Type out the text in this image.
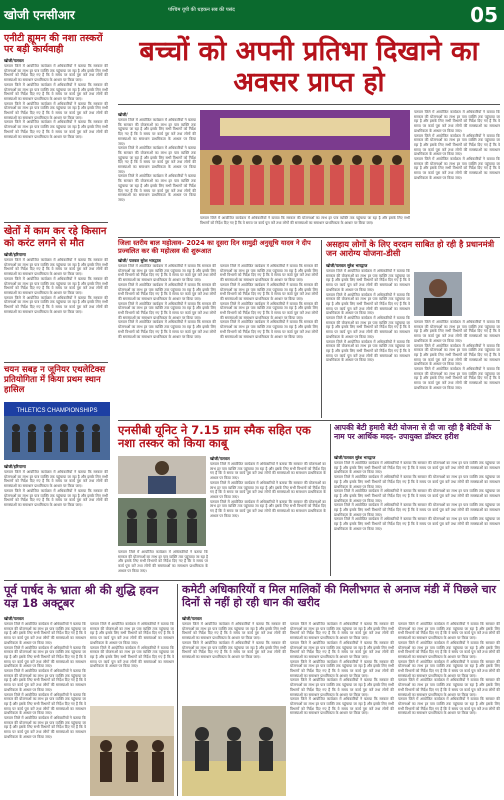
खोजी एनसीआर	पश्चिम यूपी की धड़कन सब की पसंद	05
एनीटी ह्यूमन की नशा तस्करों पर बड़ी कार्यवाही
खोजी/पलवल
पलवल जिले में आयोजित कार्यक्रम में अधिकारियों ने बताया कि सरकार की योजनाओं का लाभ हर पात्र व्यक्ति तक पहुंचाया जा रहा है और इसके लिए सभी विभागों को निर्देश दिए गए हैं कि वे समय पर कार्य पूरा करें तथा लोगों की समस्याओं का समाधान प्राथमिकता के आधार पर किया जाए।
पलवल जिले में आयोजित कार्यक्रम में अधिकारियों ने बताया कि सरकार की योजनाओं का लाभ हर पात्र व्यक्ति तक पहुंचाया जा रहा है और इसके लिए सभी विभागों को निर्देश दिए गए हैं कि वे समय पर कार्य पूरा करें तथा लोगों की समस्याओं का समाधान प्राथमिकता के आधार पर किया जाए।
पलवल जिले में आयोजित कार्यक्रम में अधिकारियों ने बताया कि सरकार की योजनाओं का लाभ हर पात्र व्यक्ति तक पहुंचाया जा रहा है और इसके लिए सभी विभागों को निर्देश दिए गए हैं कि वे समय पर कार्य पूरा करें तथा लोगों की समस्याओं का समाधान प्राथमिकता के आधार पर किया जाए।
पलवल जिले में आयोजित कार्यक्रम में अधिकारियों ने बताया कि सरकार की योजनाओं का लाभ हर पात्र व्यक्ति तक पहुंचाया जा रहा है और इसके लिए सभी विभागों को निर्देश दिए गए हैं कि वे समय पर कार्य पूरा करें तथा लोगों की समस्याओं का समाधान प्राथमिकता के आधार पर किया जाए।
खेतों में काम कर रहे किसान को करंट लगने से मौत
खोजी/हरियाणा
पलवल जिले में आयोजित कार्यक्रम में अधिकारियों ने बताया कि सरकार की योजनाओं का लाभ हर पात्र व्यक्ति तक पहुंचाया जा रहा है और इसके लिए सभी विभागों को निर्देश दिए गए हैं कि वे समय पर कार्य पूरा करें तथा लोगों की समस्याओं का समाधान प्राथमिकता के आधार पर किया जाए।
पलवल जिले में आयोजित कार्यक्रम में अधिकारियों ने बताया कि सरकार की योजनाओं का लाभ हर पात्र व्यक्ति तक पहुंचाया जा रहा है और इसके लिए सभी विभागों को निर्देश दिए गए हैं कि वे समय पर कार्य पूरा करें तथा लोगों की समस्याओं का समाधान प्राथमिकता के आधार पर किया जाए।
पलवल जिले में आयोजित कार्यक्रम में अधिकारियों ने बताया कि सरकार की योजनाओं का लाभ हर पात्र व्यक्ति तक पहुंचाया जा रहा है और इसके लिए सभी विभागों को निर्देश दिए गए हैं कि वे समय पर कार्य पूरा करें तथा लोगों की समस्याओं का समाधान प्राथमिकता के आधार पर किया जाए।
चयन सबड़ न जूनियर एथलेटिक्स प्रतियोगिता में किया प्रथम स्थान हासिल
THLETICS CHAMPIONSHIPS
खोजी/हरियाणा
पलवल जिले में आयोजित कार्यक्रम में अधिकारियों ने बताया कि सरकार की योजनाओं का लाभ हर पात्र व्यक्ति तक पहुंचाया जा रहा है और इसके लिए सभी विभागों को निर्देश दिए गए हैं कि वे समय पर कार्य पूरा करें तथा लोगों की समस्याओं का समाधान प्राथमिकता के आधार पर किया जाए।
पलवल जिले में आयोजित कार्यक्रम में अधिकारियों ने बताया कि सरकार की योजनाओं का लाभ हर पात्र व्यक्ति तक पहुंचाया जा रहा है और इसके लिए सभी विभागों को निर्देश दिए गए हैं कि वे समय पर कार्य पूरा करें तथा लोगों की समस्याओं का समाधान प्राथमिकता के आधार पर किया जाए।
बच्चों को अपनी प्रतिभा दिखाने का अवसर प्राप्त हो
खोजी/
पलवल जिले में आयोजित कार्यक्रम में अधिकारियों ने बताया कि सरकार की योजनाओं का लाभ हर पात्र व्यक्ति तक पहुंचाया जा रहा है और इसके लिए सभी विभागों को निर्देश दिए गए हैं कि वे समय पर कार्य पूरा करें तथा लोगों की समस्याओं का समाधान प्राथमिकता के आधार पर किया जाए।
पलवल जिले में आयोजित कार्यक्रम में अधिकारियों ने बताया कि सरकार की योजनाओं का लाभ हर पात्र व्यक्ति तक पहुंचाया जा रहा है और इसके लिए सभी विभागों को निर्देश दिए गए हैं कि वे समय पर कार्य पूरा करें तथा लोगों की समस्याओं का समाधान प्राथमिकता के आधार पर किया जाए।
पलवल जिले में आयोजित कार्यक्रम में अधिकारियों ने बताया कि सरकार की योजनाओं का लाभ हर पात्र व्यक्ति तक पहुंचाया जा रहा है और इसके लिए सभी विभागों को निर्देश दिए गए हैं कि वे समय पर कार्य पूरा करें तथा लोगों की समस्याओं का समाधान प्राथमिकता के आधार पर किया जाए।
पलवल जिले में आयोजित कार्यक्रम में अधिकारियों ने बताया कि सरकार की योजनाओं का लाभ हर पात्र व्यक्ति तक पहुंचाया जा रहा है और इसके लिए सभी विभागों को निर्देश दिए गए हैं कि वे समय पर कार्य पूरा करें तथा लोगों की समस्याओं का समाधान प्राथमिकता के आधार पर किया जाए।
पलवल जिले में आयोजित कार्यक्रम में अधिकारियों ने बताया कि सरकार की योजनाओं का लाभ हर पात्र व्यक्ति तक पहुंचाया जा रहा है और इसके लिए सभी विभागों को निर्देश दिए गए हैं कि वे समय पर कार्य पूरा करें तथा लोगों की समस्याओं का समाधान प्राथमिकता के आधार पर किया जाए।
पलवल जिले में आयोजित कार्यक्रम में अधिकारियों ने बताया कि सरकार की योजनाओं का लाभ हर पात्र व्यक्ति तक पहुंचाया जा रहा है और इसके लिए सभी विभागों को निर्देश दिए गए हैं कि वे समय पर कार्य पूरा करें तथा लोगों की समस्याओं का समाधान प्राथमिकता के आधार पर किया जाए।
पलवल जिले में आयोजित कार्यक्रम में अधिकारियों ने बताया कि सरकार की योजनाओं का लाभ हर पात्र व्यक्ति तक पहुंचाया जा रहा है और इसके लिए सभी विभागों को निर्देश दिए गए हैं कि वे समय पर कार्य पूरा करें तथा लोगों की समस्याओं का समाधान प्राथमिकता के आधार पर किया जाए।
जिला स्तरीय बाल महोत्सव- 2024 का दूसरा दिन सामुद्री अनुसूचि यादव ने दीप प्रज्वलित कर की महोत्सव की शुरूआत
खोजी/ पलवल सुरेश भारद्वाज
पलवल जिले में आयोजित कार्यक्रम में अधिकारियों ने बताया कि सरकार की योजनाओं का लाभ हर पात्र व्यक्ति तक पहुंचाया जा रहा है और इसके लिए सभी विभागों को निर्देश दिए गए हैं कि वे समय पर कार्य पूरा करें तथा लोगों की समस्याओं का समाधान प्राथमिकता के आधार पर किया जाए।
पलवल जिले में आयोजित कार्यक्रम में अधिकारियों ने बताया कि सरकार की योजनाओं का लाभ हर पात्र व्यक्ति तक पहुंचाया जा रहा है और इसके लिए सभी विभागों को निर्देश दिए गए हैं कि वे समय पर कार्य पूरा करें तथा लोगों की समस्याओं का समाधान प्राथमिकता के आधार पर किया जाए।
पलवल जिले में आयोजित कार्यक्रम में अधिकारियों ने बताया कि सरकार की योजनाओं का लाभ हर पात्र व्यक्ति तक पहुंचाया जा रहा है और इसके लिए सभी विभागों को निर्देश दिए गए हैं कि वे समय पर कार्य पूरा करें तथा लोगों की समस्याओं का समाधान प्राथमिकता के आधार पर किया जाए।
पलवल जिले में आयोजित कार्यक्रम में अधिकारियों ने बताया कि सरकार की योजनाओं का लाभ हर पात्र व्यक्ति तक पहुंचाया जा रहा है और इसके लिए सभी विभागों को निर्देश दिए गए हैं कि वे समय पर कार्य पूरा करें तथा लोगों की समस्याओं का समाधान प्राथमिकता के आधार पर किया जाए।
पलवल जिले में आयोजित कार्यक्रम में अधिकारियों ने बताया कि सरकार की योजनाओं का लाभ हर पात्र व्यक्ति तक पहुंचाया जा रहा है और इसके लिए सभी विभागों को निर्देश दिए गए हैं कि वे समय पर कार्य पूरा करें तथा लोगों की समस्याओं का समाधान प्राथमिकता के आधार पर किया जाए।
पलवल जिले में आयोजित कार्यक्रम में अधिकारियों ने बताया कि सरकार की योजनाओं का लाभ हर पात्र व्यक्ति तक पहुंचाया जा रहा है और इसके लिए सभी विभागों को निर्देश दिए गए हैं कि वे समय पर कार्य पूरा करें तथा लोगों की समस्याओं का समाधान प्राथमिकता के आधार पर किया जाए।
पलवल जिले में आयोजित कार्यक्रम में अधिकारियों ने बताया कि सरकार की योजनाओं का लाभ हर पात्र व्यक्ति तक पहुंचाया जा रहा है और इसके लिए सभी विभागों को निर्देश दिए गए हैं कि वे समय पर कार्य पूरा करें तथा लोगों की समस्याओं का समाधान प्राथमिकता के आधार पर किया जाए।
पलवल जिले में आयोजित कार्यक्रम में अधिकारियों ने बताया कि सरकार की योजनाओं का लाभ हर पात्र व्यक्ति तक पहुंचाया जा रहा है और इसके लिए सभी विभागों को निर्देश दिए गए हैं कि वे समय पर कार्य पूरा करें तथा लोगों की समस्याओं का समाधान प्राथमिकता के आधार पर किया जाए।
असहाय लोगों के लिए वरदान साबित हो रही है प्रधानमंत्री जन आरोग्य योजना-डीसी
खोजी/पलवल सुरेश भारद्वाज
पलवल जिले में आयोजित कार्यक्रम में अधिकारियों ने बताया कि सरकार की योजनाओं का लाभ हर पात्र व्यक्ति तक पहुंचाया जा रहा है और इसके लिए सभी विभागों को निर्देश दिए गए हैं कि वे समय पर कार्य पूरा करें तथा लोगों की समस्याओं का समाधान प्राथमिकता के आधार पर किया जाए।
पलवल जिले में आयोजित कार्यक्रम में अधिकारियों ने बताया कि सरकार की योजनाओं का लाभ हर पात्र व्यक्ति तक पहुंचाया जा रहा है और इसके लिए सभी विभागों को निर्देश दिए गए हैं कि वे समय पर कार्य पूरा करें तथा लोगों की समस्याओं का समाधान प्राथमिकता के आधार पर किया जाए।
पलवल जिले में आयोजित कार्यक्रम में अधिकारियों ने बताया कि सरकार की योजनाओं का लाभ हर पात्र व्यक्ति तक पहुंचाया जा रहा है और इसके लिए सभी विभागों को निर्देश दिए गए हैं कि वे समय पर कार्य पूरा करें तथा लोगों की समस्याओं का समाधान प्राथमिकता के आधार पर किया जाए।
पलवल जिले में आयोजित कार्यक्रम में अधिकारियों ने बताया कि सरकार की योजनाओं का लाभ हर पात्र व्यक्ति तक पहुंचाया जा रहा है और इसके लिए सभी विभागों को निर्देश दिए गए हैं कि वे समय पर कार्य पूरा करें तथा लोगों की समस्याओं का समाधान प्राथमिकता के आधार पर किया जाए।
पलवल जिले में आयोजित कार्यक्रम में अधिकारियों ने बताया कि सरकार की योजनाओं का लाभ हर पात्र व्यक्ति तक पहुंचाया जा रहा है और इसके लिए सभी विभागों को निर्देश दिए गए हैं कि वे समय पर कार्य पूरा करें तथा लोगों की समस्याओं का समाधान प्राथमिकता के आधार पर किया जाए।
पलवल जिले में आयोजित कार्यक्रम में अधिकारियों ने बताया कि सरकार की योजनाओं का लाभ हर पात्र व्यक्ति तक पहुंचाया जा रहा है और इसके लिए सभी विभागों को निर्देश दिए गए हैं कि वे समय पर कार्य पूरा करें तथा लोगों की समस्याओं का समाधान प्राथमिकता के आधार पर किया जाए।
पलवल जिले में आयोजित कार्यक्रम में अधिकारियों ने बताया कि सरकार की योजनाओं का लाभ हर पात्र व्यक्ति तक पहुंचाया जा रहा है और इसके लिए सभी विभागों को निर्देश दिए गए हैं कि वे समय पर कार्य पूरा करें तथा लोगों की समस्याओं का समाधान प्राथमिकता के आधार पर किया जाए।
एनसीबी यूनिट ने 7.15 ग्राम स्मैक सहित एक नशा तस्कर को किया काबू
खोजी/पलवल
पलवल जिले में आयोजित कार्यक्रम में अधिकारियों ने बताया कि सरकार की योजनाओं का लाभ हर पात्र व्यक्ति तक पहुंचाया जा रहा है और इसके लिए सभी विभागों को निर्देश दिए गए हैं कि वे समय पर कार्य पूरा करें तथा लोगों की समस्याओं का समाधान प्राथमिकता के आधार पर किया जाए।
पलवल जिले में आयोजित कार्यक्रम में अधिकारियों ने बताया कि सरकार की योजनाओं का लाभ हर पात्र व्यक्ति तक पहुंचाया जा रहा है और इसके लिए सभी विभागों को निर्देश दिए गए हैं कि वे समय पर कार्य पूरा करें तथा लोगों की समस्याओं का समाधान प्राथमिकता के आधार पर किया जाए।
पलवल जिले में आयोजित कार्यक्रम में अधिकारियों ने बताया कि सरकार की योजनाओं का लाभ हर पात्र व्यक्ति तक पहुंचाया जा रहा है और इसके लिए सभी विभागों को निर्देश दिए गए हैं कि वे समय पर कार्य पूरा करें तथा लोगों की समस्याओं का समाधान प्राथमिकता के आधार पर किया जाए।
पलवल जिले में आयोजित कार्यक्रम में अधिकारियों ने बताया कि सरकार की योजनाओं का लाभ हर पात्र व्यक्ति तक पहुंचाया जा रहा है और इसके लिए सभी विभागों को निर्देश दिए गए हैं कि वे समय पर कार्य पूरा करें तथा लोगों की समस्याओं का समाधान प्राथमिकता के आधार पर किया जाए।
आपकी बेटी हमारी बेटी योजना से दी जा रही है बेटियों के नाम पर आर्थिक मदद- उपायुक्त डॉक्टर हरीश
खोजी/पलवल सुरेश भारद्वाज
पलवल जिले में आयोजित कार्यक्रम में अधिकारियों ने बताया कि सरकार की योजनाओं का लाभ हर पात्र व्यक्ति तक पहुंचाया जा रहा है और इसके लिए सभी विभागों को निर्देश दिए गए हैं कि वे समय पर कार्य पूरा करें तथा लोगों की समस्याओं का समाधान प्राथमिकता के आधार पर किया जाए।
पलवल जिले में आयोजित कार्यक्रम में अधिकारियों ने बताया कि सरकार की योजनाओं का लाभ हर पात्र व्यक्ति तक पहुंचाया जा रहा है और इसके लिए सभी विभागों को निर्देश दिए गए हैं कि वे समय पर कार्य पूरा करें तथा लोगों की समस्याओं का समाधान प्राथमिकता के आधार पर किया जाए।
पलवल जिले में आयोजित कार्यक्रम में अधिकारियों ने बताया कि सरकार की योजनाओं का लाभ हर पात्र व्यक्ति तक पहुंचाया जा रहा है और इसके लिए सभी विभागों को निर्देश दिए गए हैं कि वे समय पर कार्य पूरा करें तथा लोगों की समस्याओं का समाधान प्राथमिकता के आधार पर किया जाए।
पलवल जिले में आयोजित कार्यक्रम में अधिकारियों ने बताया कि सरकार की योजनाओं का लाभ हर पात्र व्यक्ति तक पहुंचाया जा रहा है और इसके लिए सभी विभागों को निर्देश दिए गए हैं कि वे समय पर कार्य पूरा करें तथा लोगों की समस्याओं का समाधान प्राथमिकता के आधार पर किया जाए।
पलवल जिले में आयोजित कार्यक्रम में अधिकारियों ने बताया कि सरकार की योजनाओं का लाभ हर पात्र व्यक्ति तक पहुंचाया जा रहा है और इसके लिए सभी विभागों को निर्देश दिए गए हैं कि वे समय पर कार्य पूरा करें तथा लोगों की समस्याओं का समाधान प्राथमिकता के आधार पर किया जाए।
पूर्व पार्षद के भ्राता श्री की शुद्धि हवन यज्ञ 18 अक्टूबर
खोजी/पलवल
पलवल जिले में आयोजित कार्यक्रम में अधिकारियों ने बताया कि सरकार की योजनाओं का लाभ हर पात्र व्यक्ति तक पहुंचाया जा रहा है और इसके लिए सभी विभागों को निर्देश दिए गए हैं कि वे समय पर कार्य पूरा करें तथा लोगों की समस्याओं का समाधान प्राथमिकता के आधार पर किया जाए।
पलवल जिले में आयोजित कार्यक्रम में अधिकारियों ने बताया कि सरकार की योजनाओं का लाभ हर पात्र व्यक्ति तक पहुंचाया जा रहा है और इसके लिए सभी विभागों को निर्देश दिए गए हैं कि वे समय पर कार्य पूरा करें तथा लोगों की समस्याओं का समाधान प्राथमिकता के आधार पर किया जाए।
पलवल जिले में आयोजित कार्यक्रम में अधिकारियों ने बताया कि सरकार की योजनाओं का लाभ हर पात्र व्यक्ति तक पहुंचाया जा रहा है और इसके लिए सभी विभागों को निर्देश दिए गए हैं कि वे समय पर कार्य पूरा करें तथा लोगों की समस्याओं का समाधान प्राथमिकता के आधार पर किया जाए।
पलवल जिले में आयोजित कार्यक्रम में अधिकारियों ने बताया कि सरकार की योजनाओं का लाभ हर पात्र व्यक्ति तक पहुंचाया जा रहा है और इसके लिए सभी विभागों को निर्देश दिए गए हैं कि वे समय पर कार्य पूरा करें तथा लोगों की समस्याओं का समाधान प्राथमिकता के आधार पर किया जाए।
पलवल जिले में आयोजित कार्यक्रम में अधिकारियों ने बताया कि सरकार की योजनाओं का लाभ हर पात्र व्यक्ति तक पहुंचाया जा रहा है और इसके लिए सभी विभागों को निर्देश दिए गए हैं कि वे समय पर कार्य पूरा करें तथा लोगों की समस्याओं का समाधान प्राथमिकता के आधार पर किया जाए।
पलवल जिले में आयोजित कार्यक्रम में अधिकारियों ने बताया कि सरकार की योजनाओं का लाभ हर पात्र व्यक्ति तक पहुंचाया जा रहा है और इसके लिए सभी विभागों को निर्देश दिए गए हैं कि वे समय पर कार्य पूरा करें तथा लोगों की समस्याओं का समाधान प्राथमिकता के आधार पर किया जाए।
पलवल जिले में आयोजित कार्यक्रम में अधिकारियों ने बताया कि सरकार की योजनाओं का लाभ हर पात्र व्यक्ति तक पहुंचाया जा रहा है और इसके लिए सभी विभागों को निर्देश दिए गए हैं कि वे समय पर कार्य पूरा करें तथा लोगों की समस्याओं का समाधान प्राथमिकता के आधार पर किया जाए।
कमेटी अधिकारियों व मिल मालिकों की मिलीभगत से अनाज मंडी में पिछले चार दिनों से नहीं हो रही धान की खरीद
खोजी/पलवल
पलवल जिले में आयोजित कार्यक्रम में अधिकारियों ने बताया कि सरकार की योजनाओं का लाभ हर पात्र व्यक्ति तक पहुंचाया जा रहा है और इसके लिए सभी विभागों को निर्देश दिए गए हैं कि वे समय पर कार्य पूरा करें तथा लोगों की समस्याओं का समाधान प्राथमिकता के आधार पर किया जाए।
पलवल जिले में आयोजित कार्यक्रम में अधिकारियों ने बताया कि सरकार की योजनाओं का लाभ हर पात्र व्यक्ति तक पहुंचाया जा रहा है और इसके लिए सभी विभागों को निर्देश दिए गए हैं कि वे समय पर कार्य पूरा करें तथा लोगों की समस्याओं का समाधान प्राथमिकता के आधार पर किया जाए।
पलवल जिले में आयोजित कार्यक्रम में अधिकारियों ने बताया कि सरकार की योजनाओं का लाभ हर पात्र व्यक्ति तक पहुंचाया जा रहा है और इसके लिए सभी विभागों को निर्देश दिए गए हैं कि वे समय पर कार्य पूरा करें तथा लोगों की समस्याओं का समाधान प्राथमिकता के आधार पर किया जाए।
पलवल जिले में आयोजित कार्यक्रम में अधिकारियों ने बताया कि सरकार की योजनाओं का लाभ हर पात्र व्यक्ति तक पहुंचाया जा रहा है और इसके लिए सभी विभागों को निर्देश दिए गए हैं कि वे समय पर कार्य पूरा करें तथा लोगों की समस्याओं का समाधान प्राथमिकता के आधार पर किया जाए।
पलवल जिले में आयोजित कार्यक्रम में अधिकारियों ने बताया कि सरकार की योजनाओं का लाभ हर पात्र व्यक्ति तक पहुंचाया जा रहा है और इसके लिए सभी विभागों को निर्देश दिए गए हैं कि वे समय पर कार्य पूरा करें तथा लोगों की समस्याओं का समाधान प्राथमिकता के आधार पर किया जाए।
पलवल जिले में आयोजित कार्यक्रम में अधिकारियों ने बताया कि सरकार की योजनाओं का लाभ हर पात्र व्यक्ति तक पहुंचाया जा रहा है और इसके लिए सभी विभागों को निर्देश दिए गए हैं कि वे समय पर कार्य पूरा करें तथा लोगों की समस्याओं का समाधान प्राथमिकता के आधार पर किया जाए।
पलवल जिले में आयोजित कार्यक्रम में अधिकारियों ने बताया कि सरकार की योजनाओं का लाभ हर पात्र व्यक्ति तक पहुंचाया जा रहा है और इसके लिए सभी विभागों को निर्देश दिए गए हैं कि वे समय पर कार्य पूरा करें तथा लोगों की समस्याओं का समाधान प्राथमिकता के आधार पर किया जाए।
पलवल जिले में आयोजित कार्यक्रम में अधिकारियों ने बताया कि सरकार की योजनाओं का लाभ हर पात्र व्यक्ति तक पहुंचाया जा रहा है और इसके लिए सभी विभागों को निर्देश दिए गए हैं कि वे समय पर कार्य पूरा करें तथा लोगों की समस्याओं का समाधान प्राथमिकता के आधार पर किया जाए।
पलवल जिले में आयोजित कार्यक्रम में अधिकारियों ने बताया कि सरकार की योजनाओं का लाभ हर पात्र व्यक्ति तक पहुंचाया जा रहा है और इसके लिए सभी विभागों को निर्देश दिए गए हैं कि वे समय पर कार्य पूरा करें तथा लोगों की समस्याओं का समाधान प्राथमिकता के आधार पर किया जाए।
पलवल जिले में आयोजित कार्यक्रम में अधिकारियों ने बताया कि सरकार की योजनाओं का लाभ हर पात्र व्यक्ति तक पहुंचाया जा रहा है और इसके लिए सभी विभागों को निर्देश दिए गए हैं कि वे समय पर कार्य पूरा करें तथा लोगों की समस्याओं का समाधान प्राथमिकता के आधार पर किया जाए।
पलवल जिले में आयोजित कार्यक्रम में अधिकारियों ने बताया कि सरकार की योजनाओं का लाभ हर पात्र व्यक्ति तक पहुंचाया जा रहा है और इसके लिए सभी विभागों को निर्देश दिए गए हैं कि वे समय पर कार्य पूरा करें तथा लोगों की समस्याओं का समाधान प्राथमिकता के आधार पर किया जाए।
पलवल जिले में आयोजित कार्यक्रम में अधिकारियों ने बताया कि सरकार की योजनाओं का लाभ हर पात्र व्यक्ति तक पहुंचाया जा रहा है और इसके लिए सभी विभागों को निर्देश दिए गए हैं कि वे समय पर कार्य पूरा करें तथा लोगों की समस्याओं का समाधान प्राथमिकता के आधार पर किया जाए।
